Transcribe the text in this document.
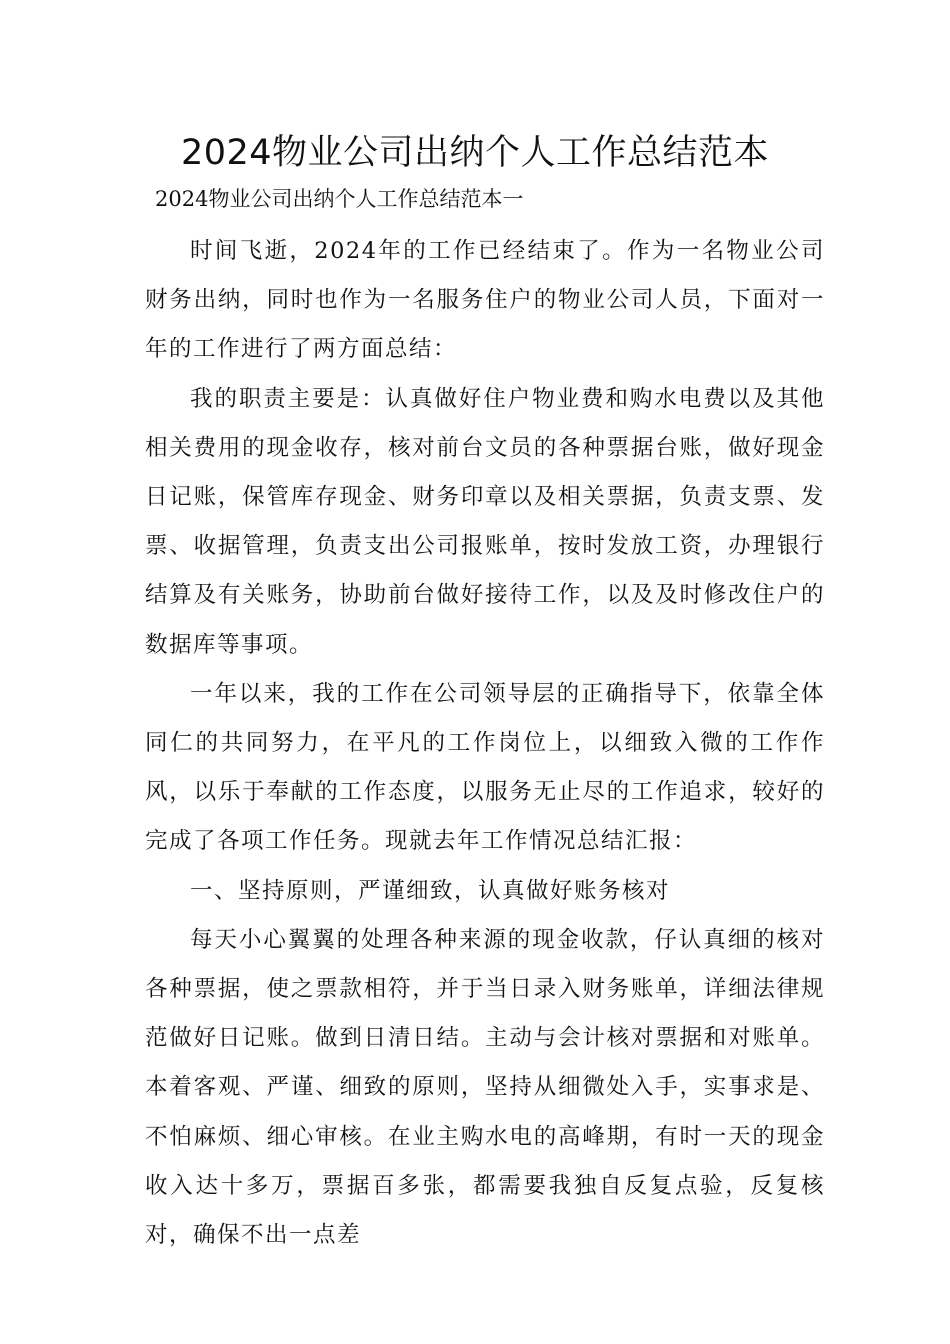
2024物业公司出纳个人工作总结范本
2024物业公司出纳个人工作总结范本一

时间飞逝，2024年的工作已经结束了。作为一名物业公司财务出纳，同时也作为一名服务住户的物业公司人员，下面对一年的工作进行了两方面总结：

我的职责主要是：认真做好住户物业费和购水电费以及其他相关费用的现金收存，核对前台文员的各种票据台账，做好现金日记账，保管库存现金、财务印章以及相关票据，负责支票、发票、收据管理，负责支出公司报账单，按时发放工资，办理银行结算及有关账务，协助前台做好接待工作，以及及时修改住户的数据库等事项。

一年以来，我的工作在公司领导层的正确指导下，依靠全体同仁的共同努力，在平凡的工作岗位上，以细致入微的工作作风，以乐于奉献的工作态度，以服务无止尽的工作追求，较好的完成了各项工作任务。现就去年工作情况总结汇报：

一、坚持原则，严谨细致，认真做好账务核对

每天小心翼翼的处理各种来源的现金收款，仔认真细的核对各种票据，使之票款相符，并于当日录入财务账单，详细法律规范做好日记账。做到日清日结。主动与会计核对票据和对账单。本着客观、严谨、细致的原则，坚持从细微处入手，实事求是、不怕麻烦、细心审核。在业主购水电的高峰期，有时一天的现金收入达十多万，票据百多张，都需要我独自反复点验，反复核对，确保不出一点差
